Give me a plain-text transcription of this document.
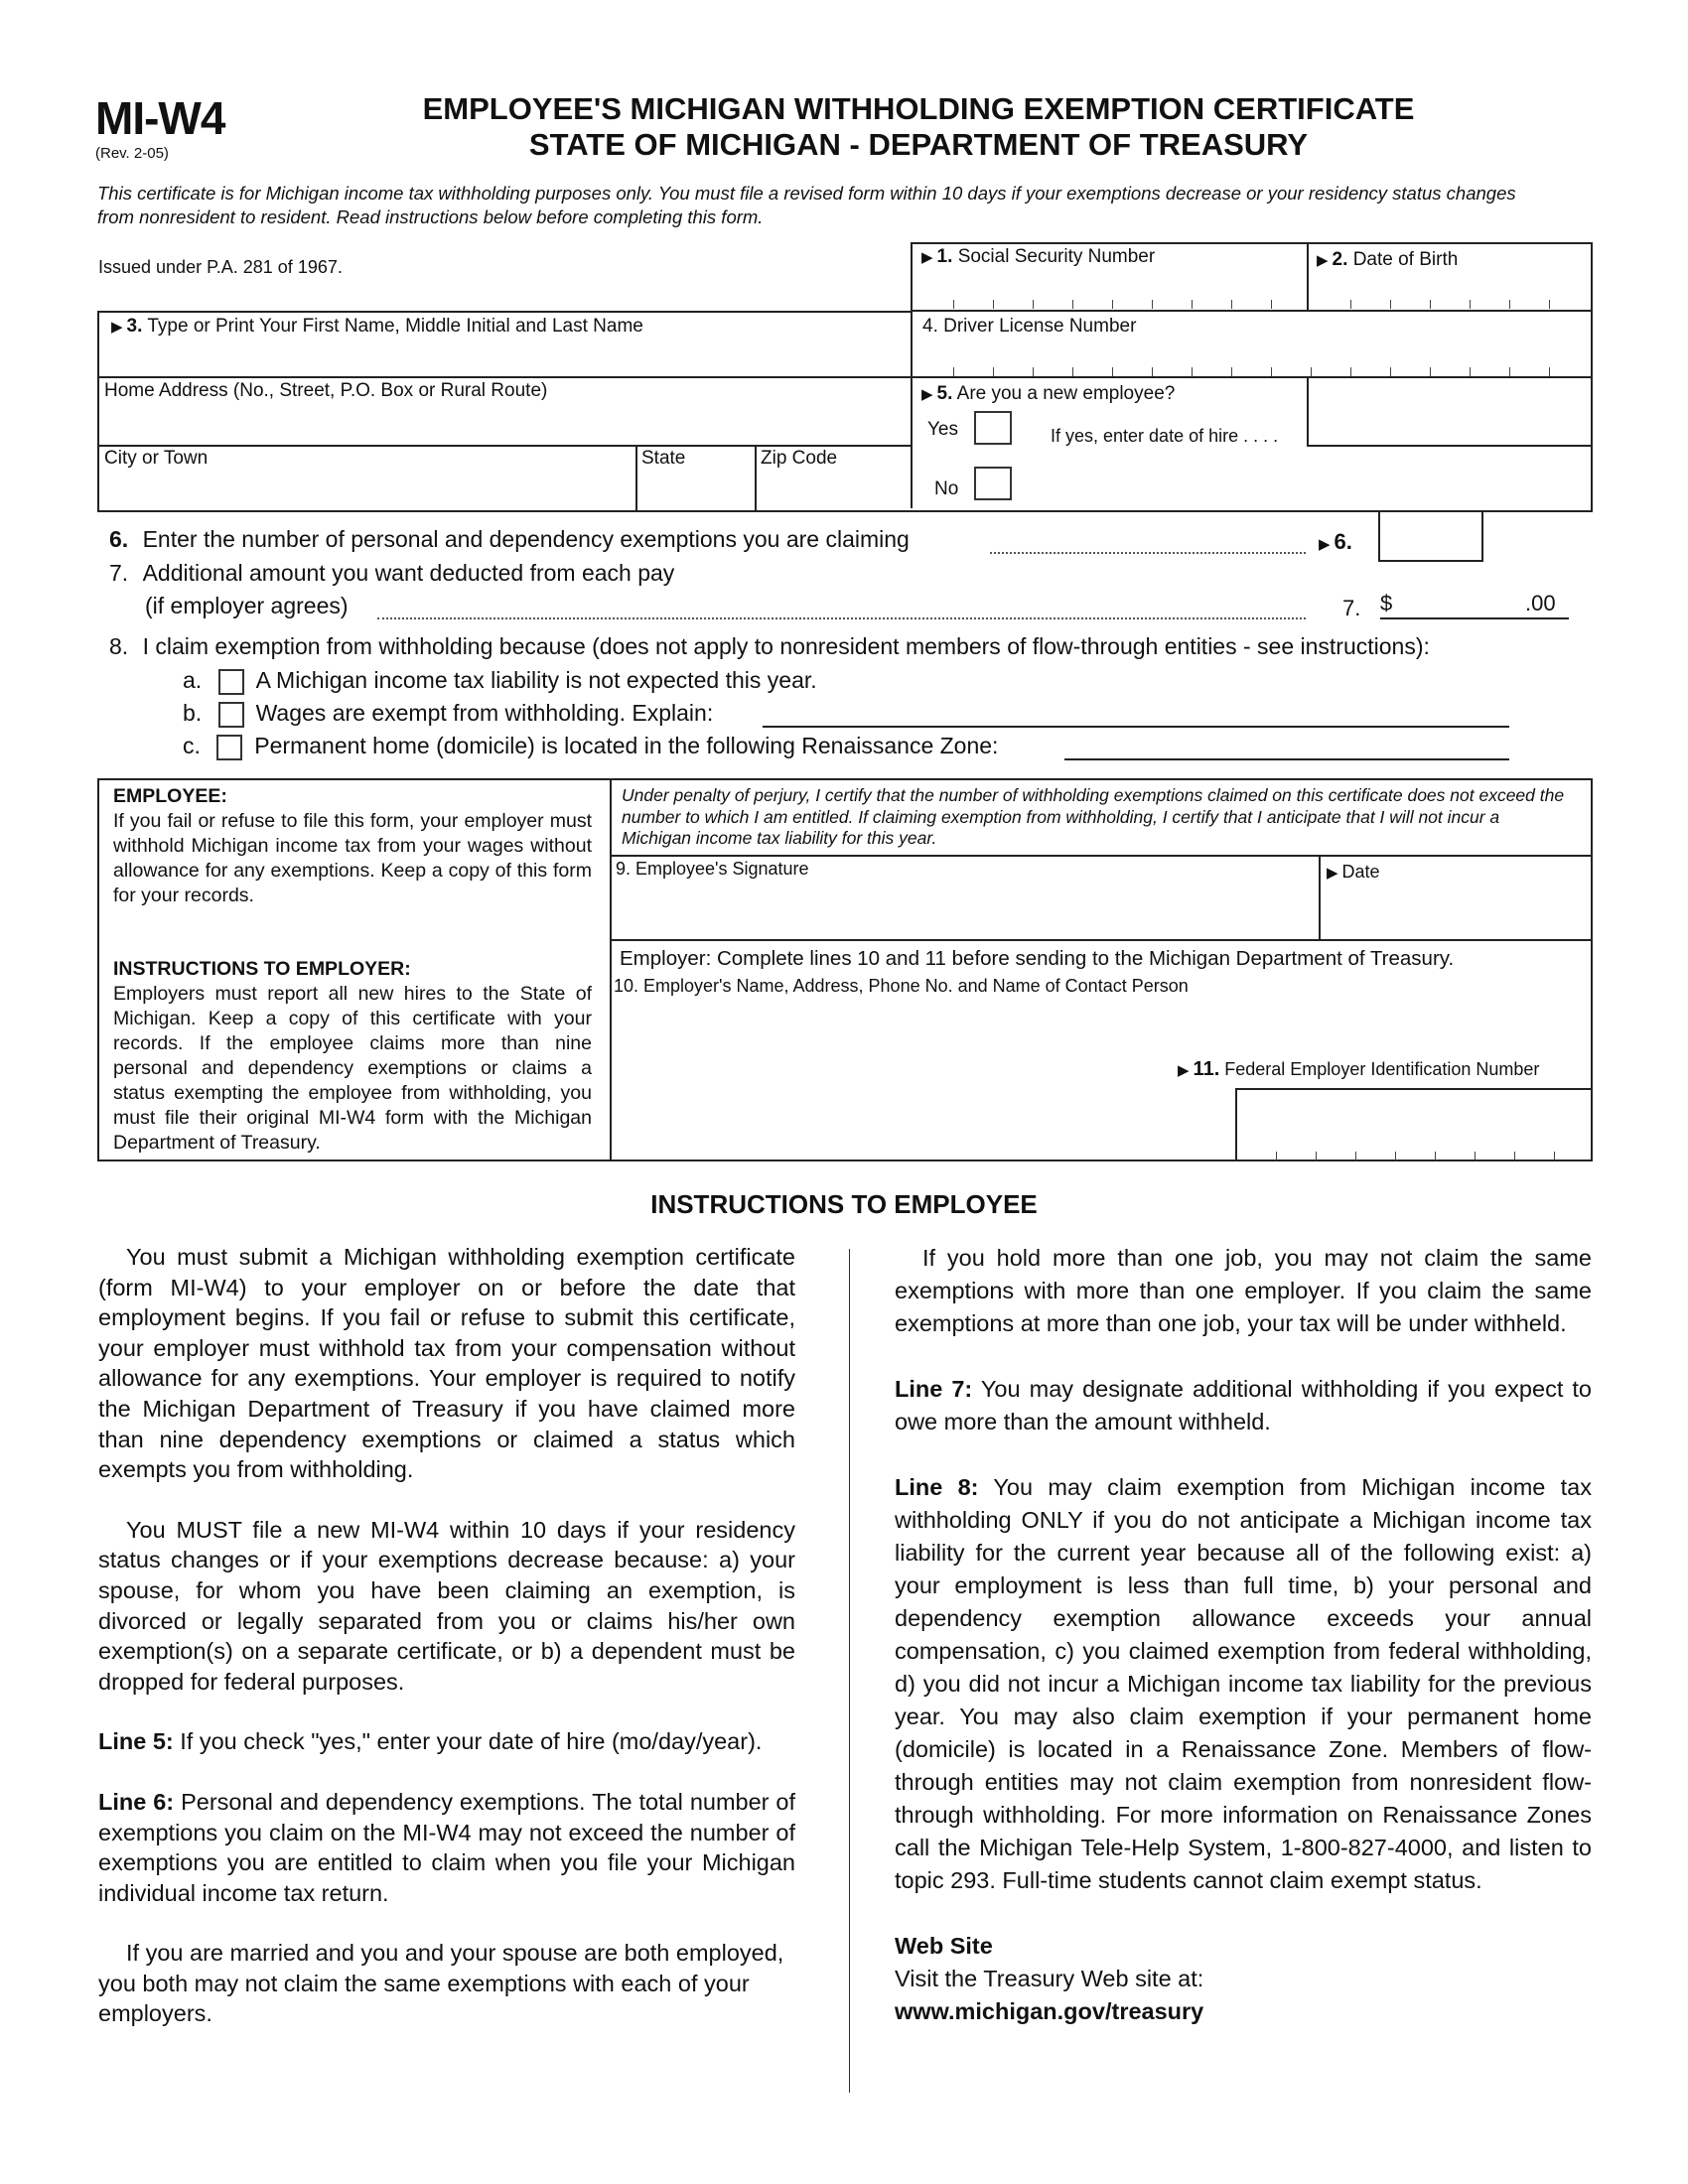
MI-W4
(Rev. 2-05)
EMPLOYEE'S MICHIGAN WITHHOLDING EXEMPTION CERTIFICATE
STATE OF MICHIGAN - DEPARTMENT OF TREASURY
This certificate is for Michigan income tax withholding purposes only. You must file a revised form within 10 days if your exemptions decrease or your residency status changes
from nonresident to resident. Read instructions below before completing this form.
Issued under P.A. 281 of 1967.	▶ 1. Social Security Number	▶ 2. Date of Birth
▶ 3. Type or Print Your First Name, Middle Initial and Last Name	4. Driver License Number
Home Address (No., Street, P.O. Box or Rural Route)	▶ 5. Are you a new employee?
Yes	If yes, enter date of hire . . . .
No
City or Town	State	Zip Code
6. Enter the number of personal and dependency exemptions you are claiming	▶ 6.
7. Additional amount you want deducted from each pay
(if employer agrees)	7. $	.00
8. I claim exemption from withholding because (does not apply to nonresident members of flow-through entities - see instructions):
a. A Michigan income tax liability is not expected this year.
b. Wages are exempt from withholding. Explain:
c. Permanent home (domicile) is located in the following Renaissance Zone:
EMPLOYEE:
If you fail or refuse to file this form, your employer must withhold Michigan income tax from your wages without allowance for any exemptions. Keep a copy of this form for your records.
INSTRUCTIONS TO EMPLOYER:
Employers must report all new hires to the State of Michigan. Keep a copy of this certificate with your records. If the employee claims more than nine personal and dependency exemptions or claims a status exempting the employee from withholding, you must file their original MI-W4 form with the Michigan Department of Treasury.
Under penalty of perjury, I certify that the number of withholding exemptions claimed on this certificate does not exceed the number to which I am entitled. If claiming exemption from withholding, I certify that I anticipate that I will not incur a Michigan income tax liability for this year.
9. Employee's Signature	▶ Date
Employer: Complete lines 10 and 11 before sending to the Michigan Department of Treasury.
10. Employer's Name, Address, Phone No. and Name of Contact Person
▶ 11. Federal Employer Identification Number
INSTRUCTIONS TO EMPLOYEE
You must submit a Michigan withholding exemption certificate (form MI-W4) to your employer on or before the date that employment begins. If you fail or refuse to submit this certificate, your employer must withhold tax from your compensation without allowance for any exemptions. Your employer is required to notify the Michigan Department of Treasury if you have claimed more than nine dependency exemptions or claimed a status which exempts you from withholding.
You MUST file a new MI-W4 within 10 days if your residency status changes or if your exemptions decrease because: a) your spouse, for whom you have been claiming an exemption, is divorced or legally separated from you or claims his/her own exemption(s) on a separate certificate, or b) a dependent must be dropped for federal purposes.
Line 5: If you check "yes," enter your date of hire (mo/day/year).
Line 6: Personal and dependency exemptions. The total number of exemptions you claim on the MI-W4 may not exceed the number of exemptions you are entitled to claim when you file your Michigan individual income tax return.
If you are married and you and your spouse are both employed, you both may not claim the same exemptions with each of your employers.
If you hold more than one job, you may not claim the same exemptions with more than one employer. If you claim the same exemptions at more than one job, your tax will be under withheld.
Line 7: You may designate additional withholding if you expect to owe more than the amount withheld.
Line 8: You may claim exemption from Michigan income tax withholding ONLY if you do not anticipate a Michigan income tax liability for the current year because all of the following exist: a) your employment is less than full time, b) your personal and dependency exemption allowance exceeds your annual compensation, c) you claimed exemption from federal withholding, d) you did not incur a Michigan income tax liability for the previous year. You may also claim exemption if your permanent home (domicile) is located in a Renaissance Zone. Members of flow-through entities may not claim exemption from nonresident flow-through withholding. For more information on Renaissance Zones call the Michigan Tele-Help System, 1-800-827-4000, and listen to topic 293. Full-time students cannot claim exempt status.
Web Site
Visit the Treasury Web site at:
www.michigan.gov/treasury
